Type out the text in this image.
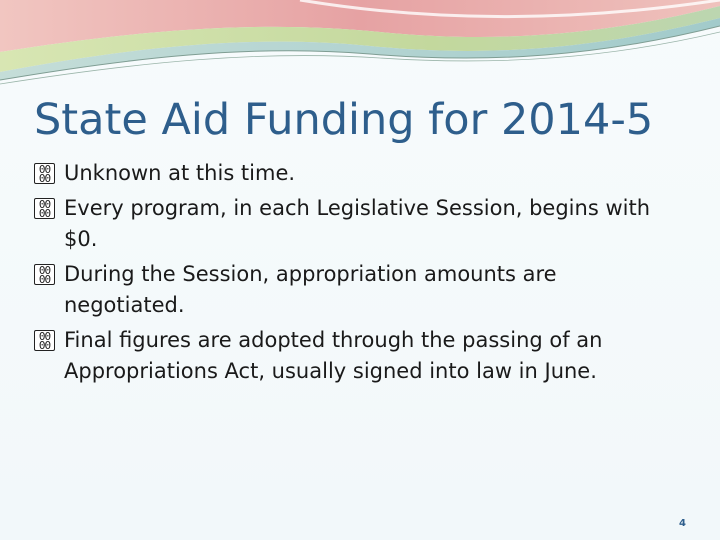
State Aid Funding for 2014-5
00
00 Unknown at this time.
00
00 Every program, in each Legislative Session, begins with $0.
00
00 During the Session, appropriation amounts are negotiated.
00
00 Final figures are adopted through the passing of an Appropriations Act, usually signed into law in June.
4
